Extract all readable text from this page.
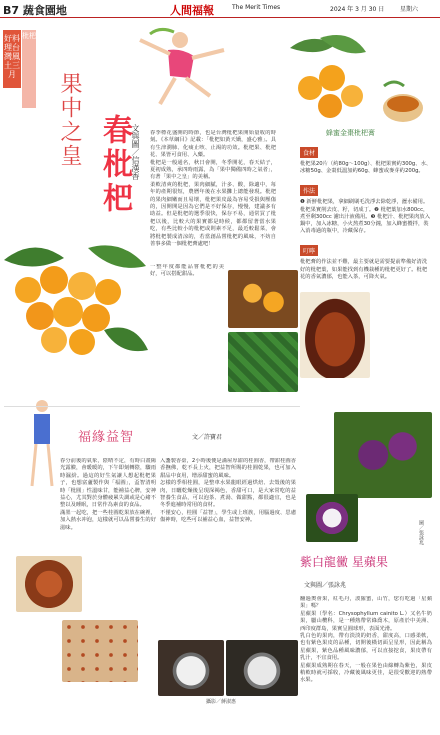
B7 蔬食園地	人間福報	The Merit Times	2024 年 3 月 30 日	星期六
好料理台灣風土三月
枇杷
果中之皇 春枇杷 文與圖／信漢香	蜂蜜金棗枇杷膏

春季標花盛開的時節，也是台灣枇杷果開始量收的時刻。《本草綱目》記載：「枇杷如黃天嬌，盛心雅」。具有生津潤肺、化痰止咳、止渴的功效。枇杷果、枇杷花、果皆可食用、入藥。

枇杷是一般通名，秋日會開，冬季開花，春天結子，夏初成熟，承四時雨露，為「果中獨備四時之氣者」，有著「果中之皇」的美稱。

柔軟清爽的枇杷，果肉細膩，汁多、酸，除適中，每年的產期很短，農曆年後在水果攤上總能發現。枇杷的果肉細嫩而且易壞，枇杷果皮最為容易受損與壓傷的，因開開是因為它們是不好保存，慢慢，建議多有助益。但是枇杷的選季很快，保存不易，通常買了枇杷以後，比較大的果實都是時候，都都留著當水果吃，有些比較小的枇杷或則素不足，最近較鬆菜，會將枇杷製成清涼的，若當創品嘗枇杷的風味，不妨自善事多做一個枇杷膏處吧！

一整年度都能品嘗枇杷的美好，可以搭配甜品。

食材

枇杷果20片（約80g～100g）、枇杷果實約300g、水、冰糖50g、金棗低溫加約60g、蜂蜜或麥芽約200g。

作法

❶ 新鮮枇杷果，拿細刷刷毛洗淨去除乾淨，瀝水備用。枇杷果實削去皮、籽，切成丁。❷ 枇杷葉加水800cc，煮至剩300cc 濾出汁液備用。❸ 枇杷汁、枇杷果肉放入鍋中，加入冰糖，小火熬煮30分鐘，加入蜂蜜攪拌，裝入消毒過的瓶中，冷藏保存。

叮嚀

枇杷膏的作法並不難，最主要就是需要提前準備好清洗好的枇杷葉，如果能找到有機栽種的枇杷更好了。枇杷花的香氣濃郁，也能入茶，可降火氣。

福緣益智	文／許寶君

春分前後的氣象，陰晴不定，有時白畫陽光露臉，會暖暖的，下午即刻轉陰，驟雨時濕紛。過這的好生氣讓人想起枇杷果子，也想富蘆製作與「福圓」，盃智清明時「枇圓」性溫味甘，能補益心脾，安神益心，尤其對於身體疲累失調或是心緒不整以及睡眠，日常作為素食的食品。

滿墨一起吃，把一些桂圓乾果放在碗裡，加入熱水冲泡，這樣就可以品嘗養生的好滋味。

入盞製香臺，2小時後便是滿屋厚甜的桂圓香，帶甜桂圓香香撫佛，乾不長上火，把益智所賜的桂圓乾果，也可加入甜品中食用，增添甜蜜的風味。

怎樣的季相桂圓，是整車水果龍眼經過烘焙、去殼後的果肉，日曬乾燥後呈現深褐色，香甜可口，是大家常吃的益智養生食品，可以泡茶、煮湯、做甜點，都很適宜，也是冬季進補時常用的食材。

不僅安心，桂圓「益智」，學生或上班族，用腦過度、思慮傷神時，吃些可以補益心血，益智安神。

攝影／蔣淑惠
圖／張詠兆
紫白龍黴 星蘋果
文與圖／張詠兆

翻過奧會果，紅毛丹，波羅蜜，山竹，您有吃過「星蘋果」嗎？

星蘋果（學名：Chrysophyllum cainito L.）又名牛奶果，屬山欖科，是一種熱帶常綠喬木，原產於中美洲、西印度群島，果實呈圓球形，表面光滑。

乳白色的果肉，帶有淡淡的奶香，甜度高，口感柔軟，也有紫色果皮的品種，切開後橫切面呈星形，因此稱為星蘋果，紫色品種風味濃郁，可以直接挖食，果皮帶有乳汁，不宜食用。

星蘋果成熟期在春天，一般在果色由綠轉為紫色，果皮稍軟時就可採收，冷藏後風味更佳，是很受歡迎的熱帶水果。
